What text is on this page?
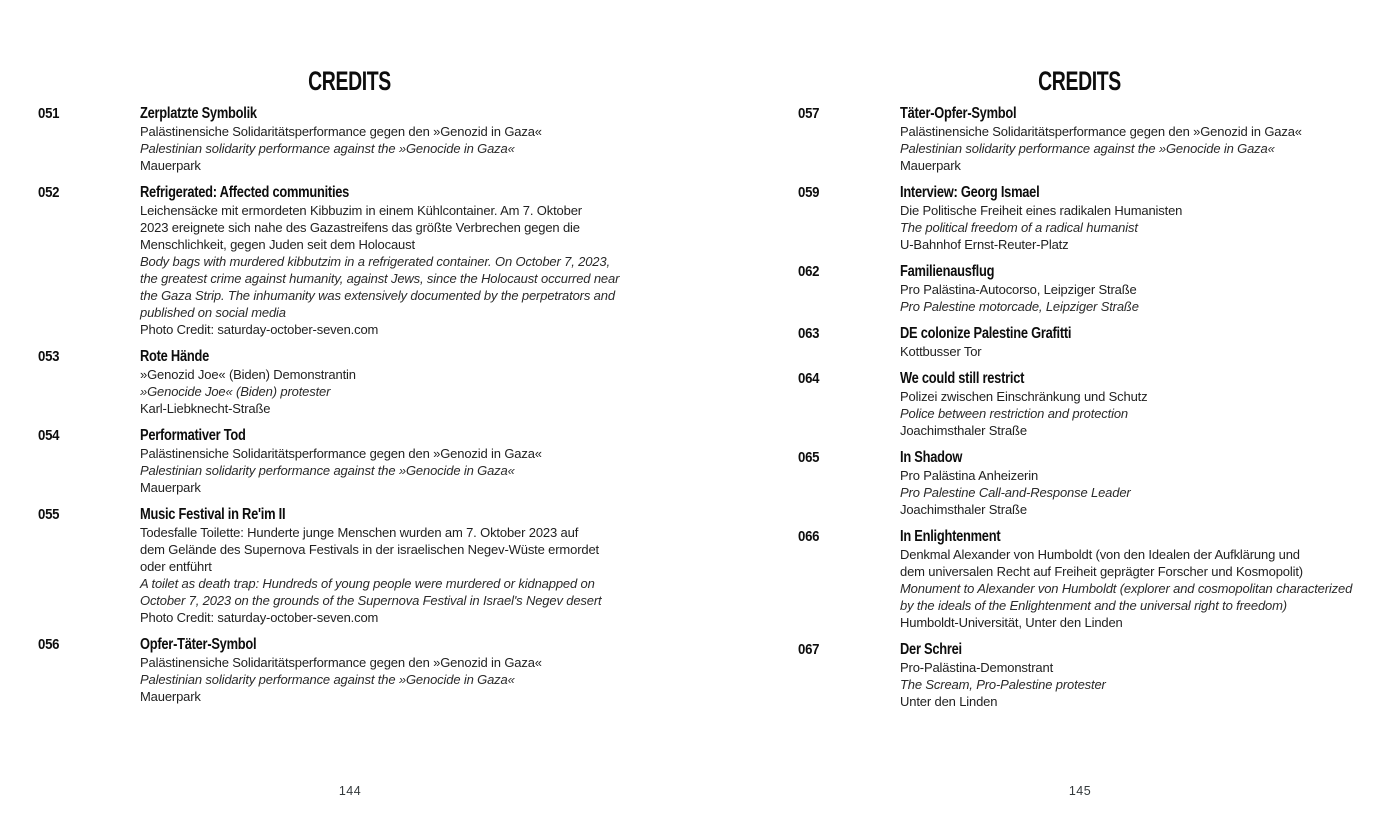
CREDITS
051	Zerplatzte Symbolik
Palästinensiche Solidaritätsperformance gegen den »Genozid in Gaza«
Palestinian solidarity performance against the »Genocide in Gaza«
Mauerpark
052	Refrigerated: Affected communities
Leichensäcke mit ermordeten Kibbuzim in einem Kühlcontainer. Am 7. Oktober
2023 ereignete sich nahe des Gazastreifens das größte Verbrechen gegen die
Menschlichkeit, gegen Juden seit dem Holocaust
Body bags with murdered kibbutzim in a refrigerated container. On October 7, 2023,
the greatest crime against humanity, against Jews, since the Holocaust occurred near
the Gaza Strip. The inhumanity was extensively documented by the perpetrators and
published on social media
Photo Credit: saturday-october-seven.com
053	Rote Hände
»Genozid Joe« (Biden) Demonstrantin
»Genocide Joe« (Biden) protester
Karl-Liebknecht-Straße
054	Performativer Tod
Palästinensiche Solidaritätsperformance gegen den »Genozid in Gaza«
Palestinian solidarity performance against the »Genocide in Gaza«
Mauerpark
055	Music Festival in Re'im II
Todesfalle Toilette: Hunderte junge Menschen wurden am 7. Oktober 2023 auf
dem Gelände des Supernova Festivals in der israelischen Negev-Wüste ermordet
oder entführt
A toilet as death trap: Hundreds of young people were murdered or kidnapped on
October 7, 2023 on the grounds of the Supernova Festival in Israel's Negev desert
Photo Credit: saturday-october-seven.com
056	Opfer-Täter-Symbol
Palästinensiche Solidaritätsperformance gegen den »Genozid in Gaza«
Palestinian solidarity performance against the »Genocide in Gaza«
Mauerpark
144
CREDITS
057	Täter-Opfer-Symbol
Palästinensiche Solidaritätsperformance gegen den »Genozid in Gaza«
Palestinian solidarity performance against the »Genocide in Gaza«
Mauerpark
059	Interview: Georg Ismael
Die Politische Freiheit eines radikalen Humanisten
The political freedom of a radical humanist
U-Bahnhof Ernst-Reuter-Platz
062	Familienausflug
Pro Palästina-Autocorso, Leipziger Straße
Pro Palestine motorcade, Leipziger Straße
063	DE colonize Palestine Grafitti
Kottbusser Tor
064	We could still restrict
Polizei zwischen Einschränkung und Schutz
Police between restriction and protection
Joachimsthaler Straße
065	In Shadow
Pro Palästina Anheizerin
Pro Palestine Call-and-Response Leader
Joachimsthaler Straße
066	In Enlightenment
Denkmal Alexander von Humboldt (von den Idealen der Aufklärung und
dem universalen Recht auf Freiheit geprägter Forscher und Kosmopolit)
Monument to Alexander von Humboldt (explorer and cosmopolitan characterized
by the ideals of the Enlightenment and the universal right to freedom)
Humboldt-Universität, Unter den Linden
067	Der Schrei
Pro-Palästina-Demonstrant
The Scream, Pro-Palestine protester
Unter den Linden
145
